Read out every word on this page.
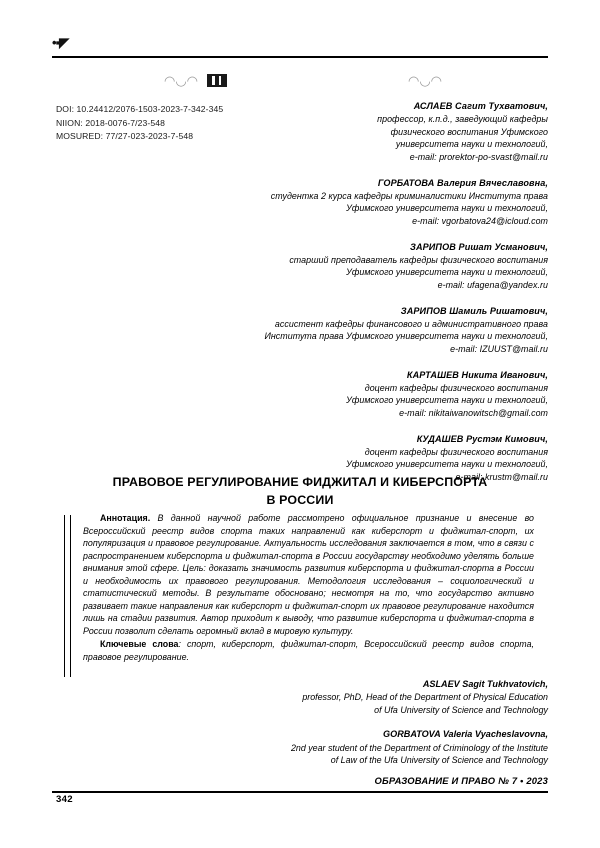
•▪◤
◠◡◠	◠◡◠
DOI: 10.24412/2076-1503-2023-7-342-345
NIION: 2018-0076-7/23-548
MOSURED: 77/27-023-2023-7-548
АСЛАЕВ Сагит Тухватович,
профессор, к.п.д., заведующий кафедры
физического воспитания Уфимского
университета науки и технологий,
e-mail: prorektor-po-svast@mail.ru
ГОРБАТОВА Валерия Вячеславовна,
студентка 2 курса кафедры криминалистики Института права
Уфимского университета науки и технологий,
e-mail: vgorbatova24@icloud.com
ЗАРИПОВ Ришат Усманович,
старший преподаватель кафедры физического воспитания
Уфимского университета науки и технологий,
e-mail: ufagena@yandex.ru
ЗАРИПОВ Шамиль Ришатович,
ассистент кафедры финансового и административного права
Института права Уфимского университета науки и технологий,
e-mail: IZUUST@mail.ru
КАРТАШЕВ Никита Иванович,
доцент кафедры физического воспитания
Уфимского университета науки и технологий,
e-mail: nikitaiwanowitsch@gmail.com
КУДАШЕВ Рустэм Кимович,
доцент кафедры физического воспитания
Уфимского университета науки и технологий,
e-mail: krustm@mail.ru
ПРАВОВОЕ РЕГУЛИРОВАНИЕ ФИДЖИТАЛ И КИБЕРСПОРТА
В РОССИИ

Аннотация. В данной научной работе рассмотрено официальное признание и внесение во Всероссийский реестр видов спорта таких направлений как киберспорт и фиджитал-спорт, их популяризация и правовое регулирование. Актуальность исследования заключается в том, что в связи с распространением киберспорта и фиджитал-спорта в России государству необходимо уделять больше внимания этой сфере. Цель: доказать значимость развития киберспорта и фиджитал-спорта в России и необходимость их правового регулирования. Методология исследования – социологический и статистический методы. В результате обосновано; несмотря на то, что государство активно развивает такие направления как киберспорт и фиджитал-спорт их правовое регулирование находится лишь на стадии развития. Автор приходит к выводу, что развитие киберспорта и фиджитал-спорта в России позволит сделать огромный вклад в мировую культуру.

Ключевые слова: спорт, киберспорт, фиджитал-спорт, Всероссийский реестр видов спорта, правовое регулирование.

ASLAEV Sagit Tukhvatovich,
professor, PhD, Head of the Department of Physical Education
of Ufa University of Science and Technology
GORBATOVA Valeria Vyacheslavovna,
2nd year student of the Department of Criminology of the Institute
of Law of the Ufa University of Science and Technology
ОБРАЗОВАНИЕ И ПРАВО № 7 • 2023
342
